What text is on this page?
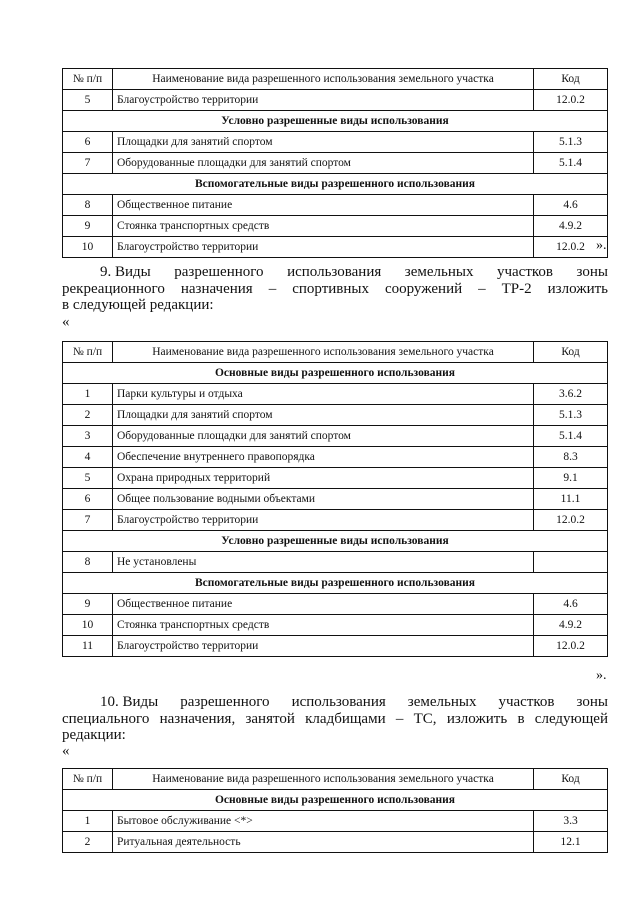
№ п/п	Наименование вида разрешенного использования земельного участка	Код
5	Благоустройство территории	12.0.2
Условно разрешенные виды использования		
6	Площадки для занятий спортом	5.1.3
7	Оборудованные площадки для занятий спортом	5.1.4
Вспомогательные виды разрешенного использования		
8	Общественное питание	4.6
9	Стоянка транспортных средств	4.9.2
10	Благоустройство территории	12.0.2 ».
9. Виды разрешенного использования земельных участков зоны
рекреационного назначения – спортивных сооружений – ТР-2 изложить
в следующей редакции:
«
№ п/п	Наименование вида разрешенного использования земельного участка	Код
Основные виды разрешенного использования		
1	Парки культуры и отдыха	3.6.2
2	Площадки для занятий спортом	5.1.3
3	Оборудованные площадки для занятий спортом	5.1.4
4	Обеспечение внутреннего правопорядка	8.3
5	Охрана природных территорий	9.1
6	Общее пользование водными объектами	11.1
7	Благоустройство территории	12.0.2
Условно разрешенные виды использования		
8	Не установлены	
Вспомогательные виды разрешенного использования		
9	Общественное питание	4.6
10	Стоянка транспортных средств	4.9.2
11	Благоустройство территории	12.0.2
».
10. Виды разрешенного использования земельных участков зоны
специального назначения, занятой кладбищами – ТС, изложить в следующей
редакции:
«
№ п/п	Наименование вида разрешенного использования земельного участка	Код
Основные виды разрешенного использования		
1	Бытовое обслуживание <*>	3.3
2	Ритуальная деятельность	12.1
